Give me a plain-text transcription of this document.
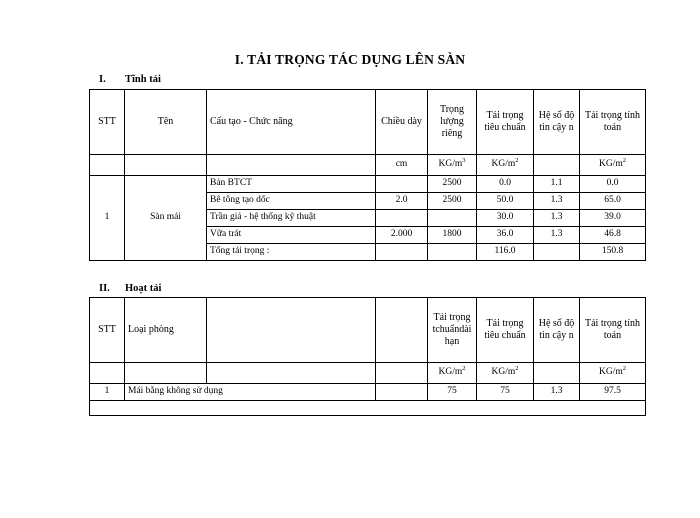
I. TẢI TRỌNG TÁC DỤNG LÊN SÀN
I. Tĩnh tải
STT	Tên	Cấu tạo - Chức năng	Chiều dày	Trọng lượng riêng	Tải trọng tiêu chuẩn	Hệ số độ tin cậy n	Tải trọng tính toán
			cm	$KG/m^3$	$KG/m^2$		$KG/m^2$
1	Sàn mái	Bản BTCT		2500	0.0	1.1	0.0
		Bê tông tạo dốc	2.0	2500	50.0	1.3	65.0
		Trần giả - hệ thống kỹ thuật			30.0	1.3	39.0
		Vữa trát	2.000	1800	36.0	1.3	46.8
		Tổng tải trọng :			116.0		150.8
II. Hoạt tải
STT	Loại phòng			Tải trọng tchuẩndài hạn	Tải trọng tiêu chuẩn	Hệ số độ tin cậy n	Tải trọng tính toán
				$KG/m^2$	$KG/m^2$		$KG/m^2$
1	Mái bằng không sử dụng			75	75	1.3	97.5
